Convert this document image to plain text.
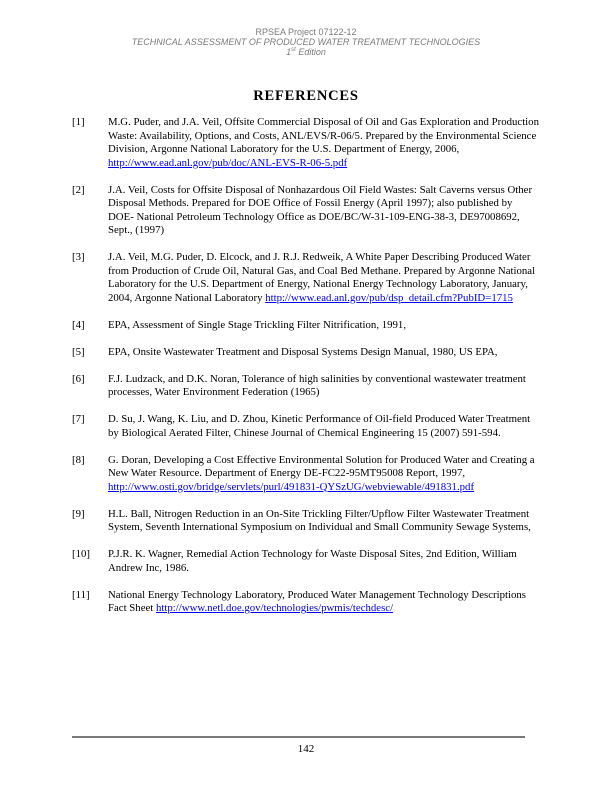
RPSEA Project 07122-12
TECHNICAL ASSESSMENT OF PRODUCED WATER TREATMENT TECHNOLOGIES
1st Edition
REFERENCES
[1] M.G. Puder, and J.A. Veil, Offsite Commercial Disposal of Oil and Gas Exploration and Production Waste: Availability, Options, and Costs, ANL/EVS/R-06/5. Prepared by the Environmental Science Division, Argonne National Laboratory for the U.S. Department of Energy, 2006, http://www.ead.anl.gov/pub/doc/ANL-EVS-R-06-5.pdf
[2] J.A. Veil, Costs for Offsite Disposal of Nonhazardous Oil Field Wastes: Salt Caverns versus Other Disposal Methods. Prepared for DOE Office of Fossil Energy (April 1997); also published by DOE- National Petroleum Technology Office as DOE/BC/W-31-109-ENG-38-3, DE97008692, Sept., (1997)
[3] J.A. Veil, M.G. Puder, D. Elcock, and J. R.J. Redweik, A White Paper Describing Produced Water from Production of Crude Oil, Natural Gas, and Coal Bed Methane. Prepared by Argonne National Laboratory for the U.S. Department of Energy, National Energy Technology Laboratory, January, 2004, Argonne National Laboratory http://www.ead.anl.gov/pub/dsp_detail.cfm?PubID=1715
[4] EPA, Assessment of Single Stage Trickling Filter Nitrification, 1991,
[5] EPA, Onsite Wastewater Treatment and Disposal Systems Design Manual, 1980, US EPA,
[6] F.J. Ludzack, and D.K. Noran, Tolerance of high salinities by conventional wastewater treatment processes, Water Environment Federation (1965)
[7] D. Su, J. Wang, K. Liu, and D. Zhou, Kinetic Performance of Oil-field Produced Water Treatment by Biological Aerated Filter, Chinese Journal of Chemical Engineering 15 (2007) 591-594.
[8] G. Doran, Developing a Cost Effective Environmental Solution for Produced Water and Creating a New Water Resource. Department of Energy DE-FC22-95MT95008 Report, 1997, http://www.osti.gov/bridge/servlets/purl/491831-QYSzUG/webviewable/491831.pdf
[9] H.L. Ball, Nitrogen Reduction in an On-Site Trickling Filter/Upflow Filter Wastewater Treatment System, Seventh International Symposium on Individual and Small Community Sewage Systems,
[10] P.J.R. K. Wagner, Remedial Action Technology for Waste Disposal Sites, 2nd Edition, William Andrew Inc, 1986.
[11] National Energy Technology Laboratory, Produced Water Management Technology Descriptions Fact Sheet http://www.netl.doe.gov/technologies/pwmis/techdesc/
142
